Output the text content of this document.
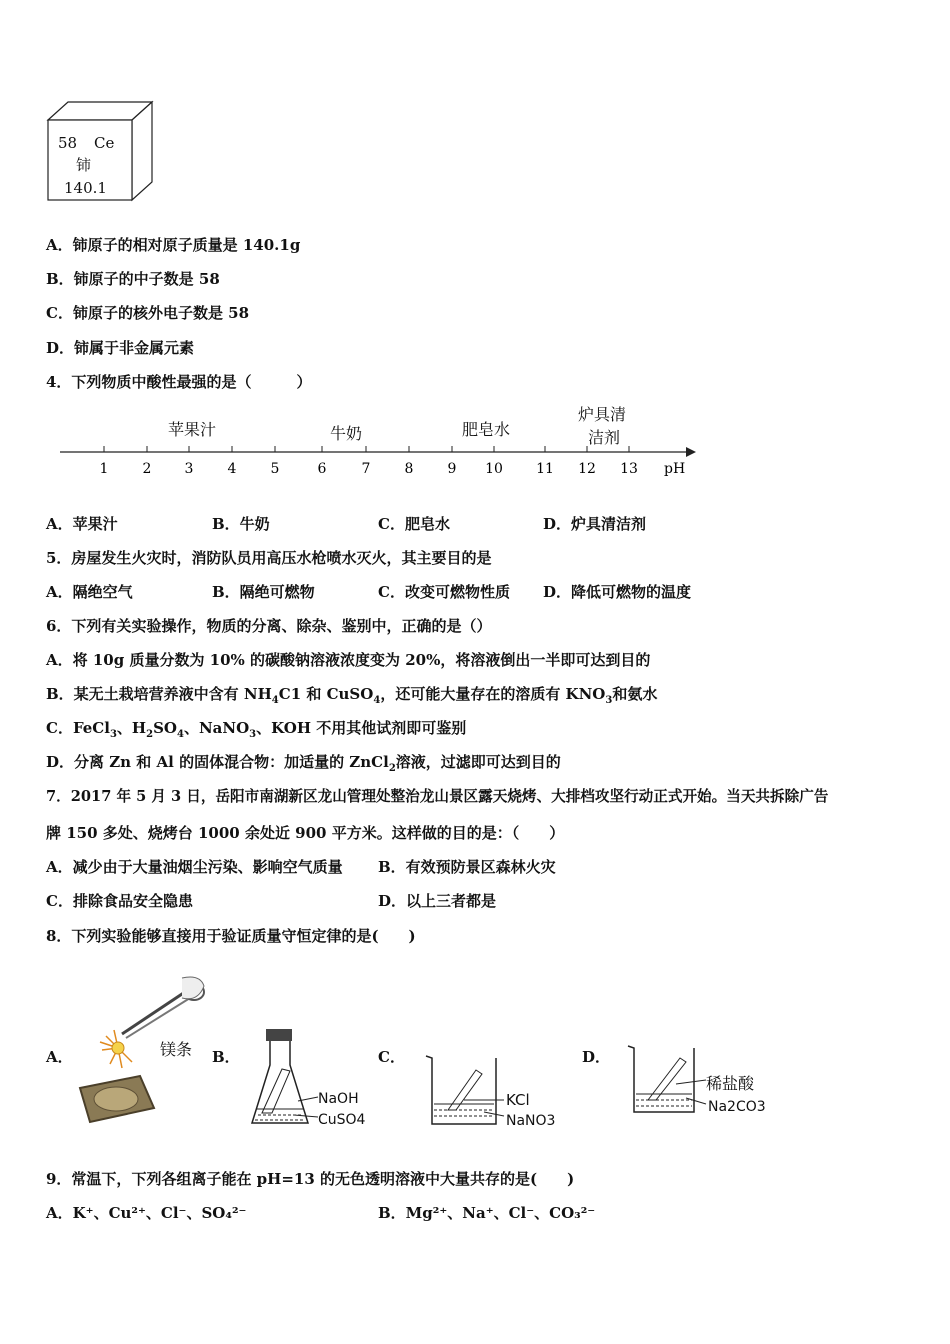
58 Ce
铈
140.1
A．铈原子的相对原子质量是 140.1g
B．铈原子的中子数是 58
C．铈原子的核外电子数是 58
D．铈属于非金属元素
4．下列物质中酸性最强的是（　　　）
1 2 3 4 5	6	7 8 9 10 11 12 13 pH
苹果汁	牛奶	肥皂水
炉具清
洁剂
A．苹果汁	B．牛奶	C．肥皂水	D．炉具清洁剂
5．房屋发生火灾时，消防队员用高压水枪喷水灭火，其主要目的是
A．隔绝空气	B．隔绝可燃物	C．改变可燃物性质 D．降低可燃物的温度
6．下列有关实验操作，物质的分离、除杂、鉴别中，正确的是（）
A．将 10g 质量分数为 10% 的碳酸钠溶液浓度变为 20%，将溶液倒出一半即可达到目的
B．某无土栽培营养液中含有 $NH_4C1$ 和 CuSO$_4$，还可能大量存在的溶质有 $KNO_3$和氨水
C．FeCl$_3$、$H_2SO_4$、NaNO$_3$、KOH 不用其他试剂即可鉴别
D．分离 Zn 和 Al 的固体混合物：加适量的 ZnCl$_2$溶液，过滤即可达到目的
7．2017 年 5 月 3 日，岳阳市南湖新区龙山管理处整治龙山景区露天烧烤、大排档攻坚行动正式开始。当天共拆除广告
牌 150 多处、烧烤台 1000 余处近 900 平方米。这样做的目的是：（　　）
A．减少由于大量油烟尘污染、影响空气质量 B．有效预防景区森林火灾
C．排除食品安全隐患	D．以上三者都是
8．下列实验能够直接用于验证质量守恒定律的是(　　)
A．	镁条 B．
NaOH
CuSO4
C．
KCl
NaNO3
D．
稀盐酸
Na2CO3
9．常温下，下列各组离子能在 pH=13 的无色透明溶液中大量共存的是(　　)
A．K⁺、Cu²⁺、Cl⁻、SO₄²⁻	B．Mg²⁺、Na⁺、Cl⁻、CO₃²⁻
